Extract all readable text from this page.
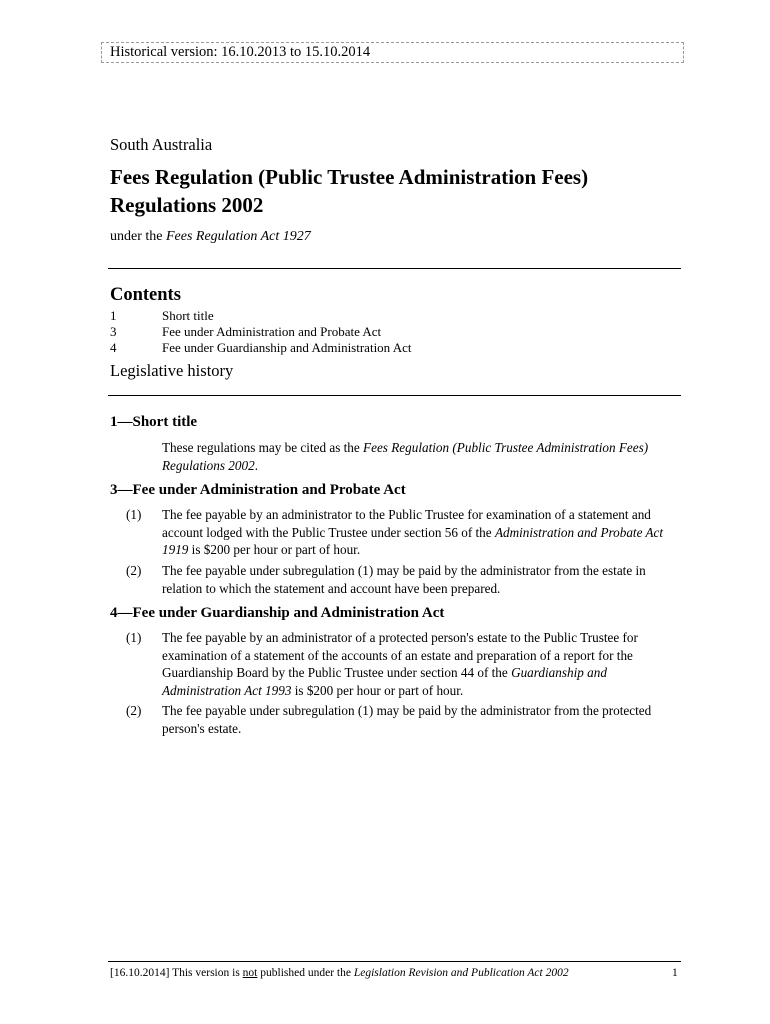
Historical version: 16.10.2013 to 15.10.2014
South Australia
Fees Regulation (Public Trustee Administration Fees) Regulations 2002
under the Fees Regulation Act 1927
Contents
1	Short title
3	Fee under Administration and Probate Act
4	Fee under Guardianship and Administration Act
Legislative history
1—Short title
These regulations may be cited as the Fees Regulation (Public Trustee Administration Fees) Regulations 2002.
3—Fee under Administration and Probate Act
(1) The fee payable by an administrator to the Public Trustee for examination of a statement and account lodged with the Public Trustee under section 56 of the Administration and Probate Act 1919 is $200 per hour or part of hour.
(2) The fee payable under subregulation (1) may be paid by the administrator from the estate in relation to which the statement and account have been prepared.
4—Fee under Guardianship and Administration Act
(1) The fee payable by an administrator of a protected person's estate to the Public Trustee for examination of a statement of the accounts of an estate and preparation of a report for the Guardianship Board by the Public Trustee under section 44 of the Guardianship and Administration Act 1993 is $200 per hour or part of hour.
(2) The fee payable under subregulation (1) may be paid by the administrator from the protected person's estate.
[16.10.2014] This version is not published under the Legislation Revision and Publication Act 2002	1
